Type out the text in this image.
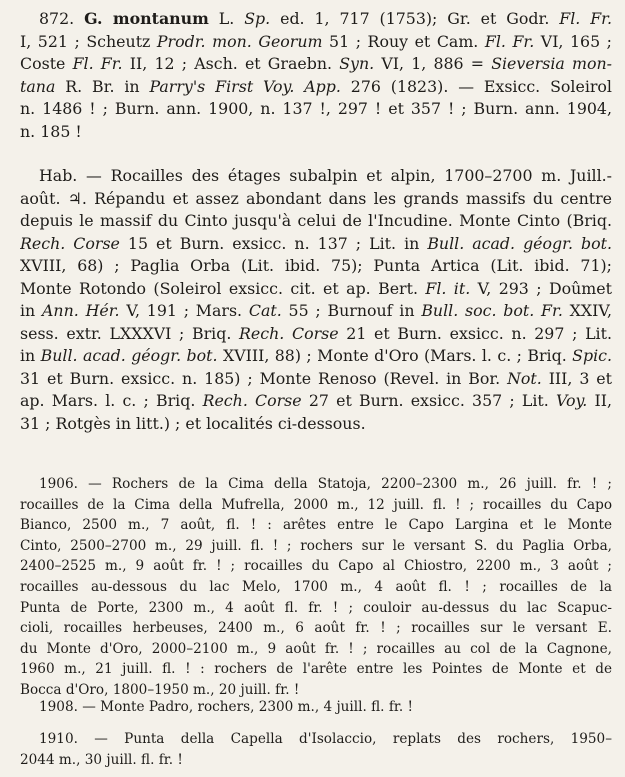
872. G. montanum L. Sp. ed. 1, 717 (1753); Gr. et Godr. Fl. Fr.
I, 521 ; Scheutz Prodr. mon. Georum 51 ; Rouy et Cam. Fl. Fr. VI, 165 ;
Coste Fl. Fr. II, 12 ; Asch. et Graebn. Syn. VI, 1, 886 = Sieversia mon-
tana R. Br. in Parry's First Voy. App. 276 (1823). — Exsicc. Soleirol
n. 1486 ! ; Burn. ann. 1900, n. 137 !, 297 ! et 357 ! ; Burn. ann. 1904,
n. 185 !
Hab. — Rocailles des étages subalpin et alpin, 1700–2700 m. Juill.-
août. ♃. Répandu et assez abondant dans les grands massifs du centre
depuis le massif du Cinto jusqu'à celui de l'Incudine. Monte Cinto (Briq.
Rech. Corse 15 et Burn. exsicc. n. 137 ; Lit. in Bull. acad. géogr. bot.
XVIII, 68) ; Paglia Orba (Lit. ibid. 75); Punta Artica (Lit. ibid. 71);
Monte Rotondo (Soleirol exsicc. cit. et ap. Bert. Fl. it. V, 293 ; Doûmet
in Ann. Hér. V, 191 ; Mars. Cat. 55 ; Burnouf in Bull. soc. bot. Fr. XXIV,
sess. extr. LXXXVI ; Briq. Rech. Corse 21 et Burn. exsicc. n. 297 ; Lit.
in Bull. acad. géogr. bot. XVIII, 88) ; Monte d'Oro (Mars. l. c. ; Briq. Spic.
31 et Burn. exsicc. n. 185) ; Monte Renoso (Revel. in Bor. Not. III, 3 et
ap. Mars. l. c. ; Briq. Rech. Corse 27 et Burn. exsicc. 357 ; Lit. Voy. II,
31 ; Rotgès in litt.) ; et localités ci-dessous.
1906. — Rochers de la Cima della Statoja, 2200–2300 m., 26 juill. fr. ! ;
rocailles de la Cima della Mufrella, 2000 m., 12 juill. fl. ! ; rocailles du Capo
Bianco, 2500 m., 7 août, fl. ! : arêtes entre le Capo Largina et le Monte
Cinto, 2500–2700 m., 29 juill. fl. ! ; rochers sur le versant S. du Paglia Orba,
2400–2525 m., 9 août fr. ! ; rocailles du Capo al Chiostro, 2200 m., 3 août ;
rocailles au-dessous du lac Melo, 1700 m., 4 août fl. ! ; rocailles de la
Punta de Porte, 2300 m., 4 août fl. fr. ! ; couloir au-dessus du lac Scapuc-
cioli, rocailles herbeuses, 2400 m., 6 août fr. ! ; rocailles sur le versant E.
du Monte d'Oro, 2000–2100 m., 9 août fr. ! ; rocailles au col de la Cagnone,
1960 m., 21 juill. fl. ! : rochers de l'arête entre les Pointes de Monte et de
Bocca d'Oro, 1800–1950 m., 20 juill. fr. !
1908. — Monte Padro, rochers, 2300 m., 4 juill. fl. fr. !
1910. — Punta della Capella d'Isolaccio, replats des rochers, 1950–
2044 m., 30 juill. fl. fr. !
